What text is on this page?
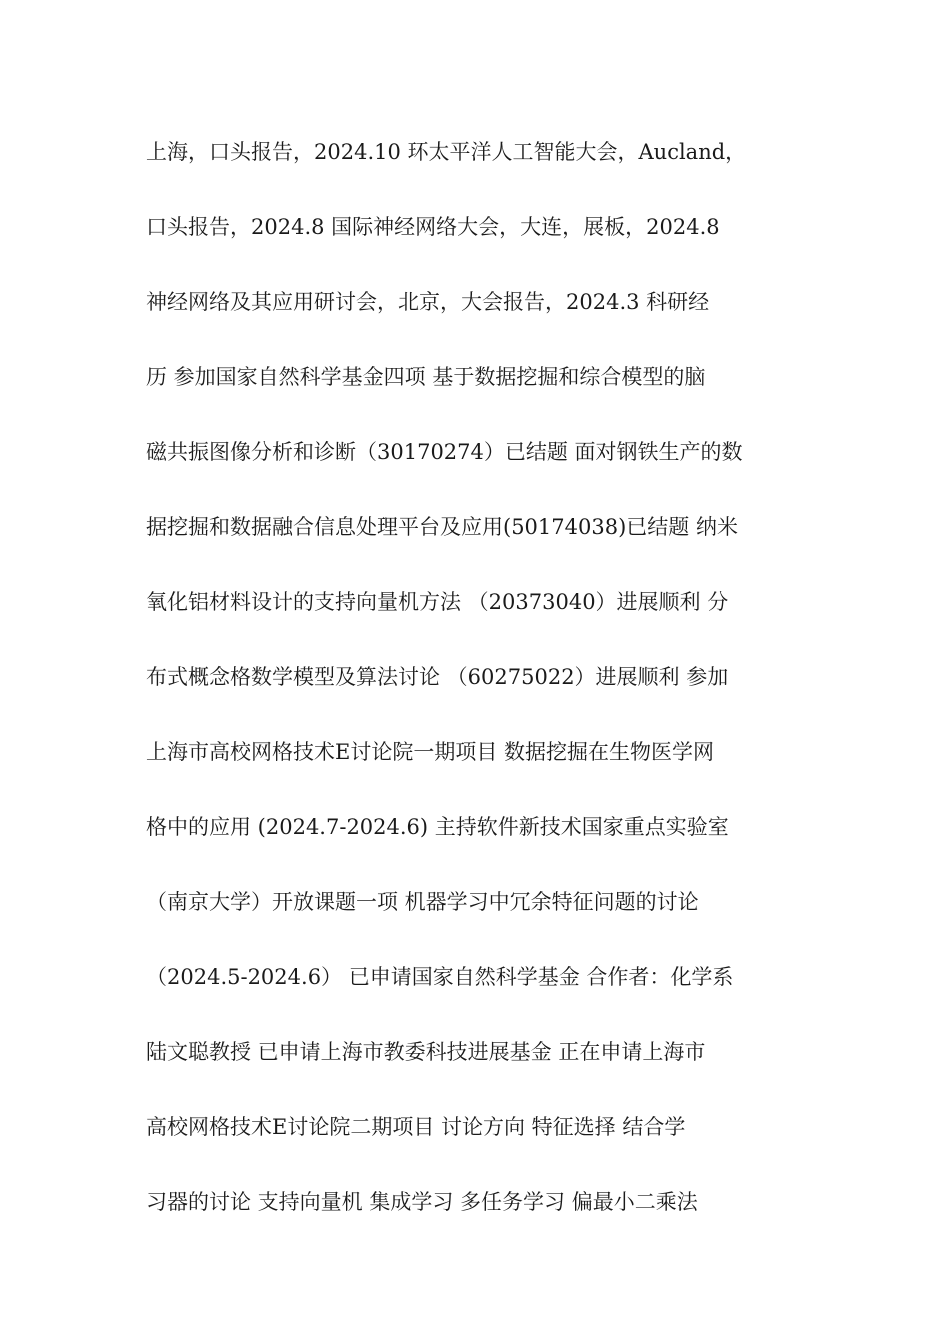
上海，口头报告，2024.10 环太平洋人工智能大会，Aucland，
口头报告，2024.8 国际神经网络大会，大连，展板，2024.8
神经网络及其应用研讨会，北京，大会报告，2024.3 科研经
历 参加国家自然科学基金四项 基于数据挖掘和综合模型的脑
磁共振图像分析和诊断（30170274）已结题 面对钢铁生产的数
据挖掘和数据融合信息处理平台及应用(50174038)已结题 纳米
氧化铝材料设计的支持向量机方法 （20373040）进展顺利 分
布式概念格数学模型及算法讨论 （60275022）进展顺利 参加
上海市高校网格技术E讨论院一期项目 数据挖掘在生物医学网
格中的应用 (2024.7-2024.6) 主持软件新技术国家重点实验室
（南京大学）开放课题一项 机器学习中冗余特征问题的讨论
（2024.5-2024.6） 已申请国家自然科学基金 合作者：化学系
陆文聪教授 已申请上海市教委科技进展基金 正在申请上海市
高校网格技术E讨论院二期项目 讨论方向 特征选择 结合学
习器的讨论 支持向量机 集成学习 多任务学习 偏最小二乘法
